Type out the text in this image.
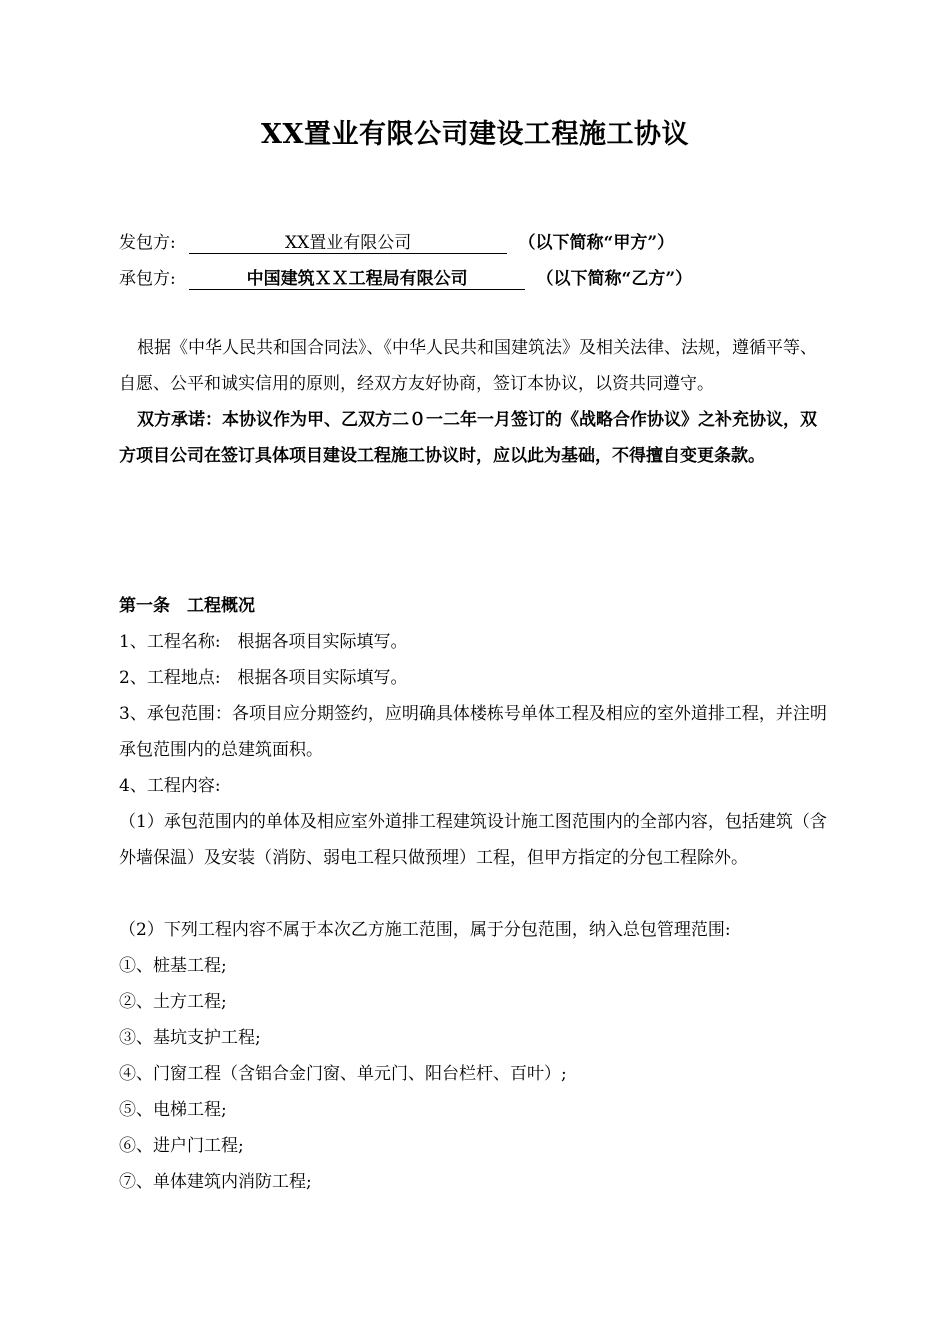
XX置业有限公司建设工程施工协议
发包方:	XX置业有限公司	（以下简称“甲方”）
承包方:	中国建筑ＸＸ工程局有限公司	（以下简称“乙方”）

根据《中华人民共和国合同法》、《中华人民共和国建筑法》及相关法律、法规，遵循平等、自愿、公平和诚实信用的原则，经双方友好协商，签订本协议，以资共同遵守。

双方承诺：本协议作为甲、乙双方二０一二年一月签订的《战略合作协议》之补充协议，双方项目公司在签订具体项目建设工程施工协议时，应以此为基础，不得擅自变更条款。

第一条　工程概况
1、工程名称:　根据各项目实际填写。
2、工程地点:　根据各项目实际填写。

3、承包范围：各项目应分期签约，应明确具体楼栋号单体工程及相应的室外道排工程，并注明承包范围内的总建筑面积。

4、工程内容:

（1）承包范围内的单体及相应室外道排工程建筑设计施工图范围内的全部内容，包括建筑（含外墙保温）及安装（消防、弱电工程只做预埋）工程，但甲方指定的分包工程除外。

（2）下列工程内容不属于本次乙方施工范围，属于分包范围，纳入总包管理范围:
①、桩基工程;
②、土方工程;
③、基坑支护工程;
④、门窗工程（含铝合金门窗、单元门、阳台栏杆、百叶）;
⑤、电梯工程;
⑥、进户门工程;
⑦、单体建筑内消防工程;
